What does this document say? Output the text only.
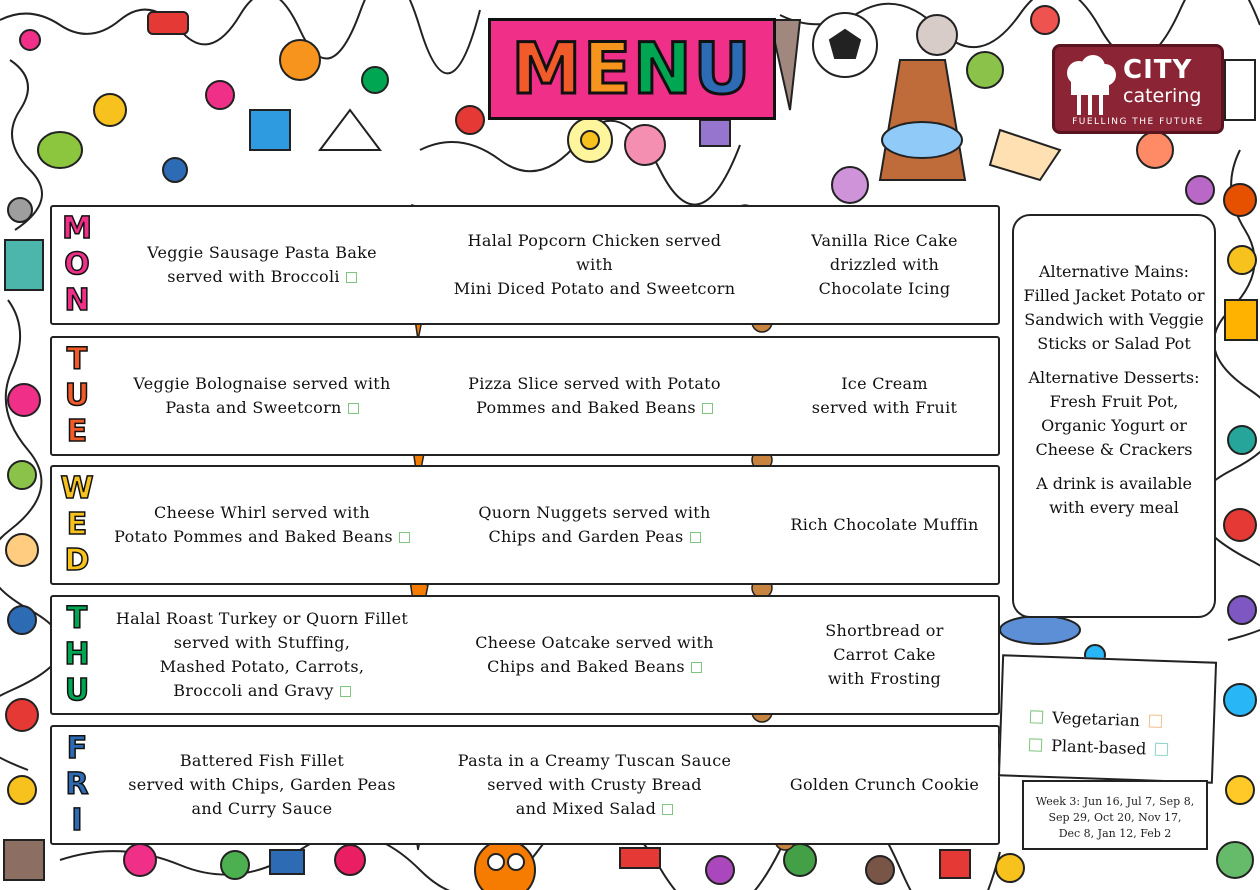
MENU	CITY
catering
FUELLING THE FUTURE
M
O
N
Veggie Sausage Pasta Bake
served with Broccoli
Halal Popcorn Chicken served with
Mini Diced Potato and Sweetcorn
Vanilla Rice Cake
drizzled with
Chocolate Icing
T
U
E
Veggie Bolognaise served with
Pasta and Sweetcorn
Pizza Slice served with Potato
Pommes and Baked Beans
Ice Cream
served with Fruit
W
E
D
Cheese Whirl served with
Potato Pommes and Baked Beans
Quorn Nuggets served with
Chips and Garden Peas
Rich Chocolate Muffin
T
H
U
Halal Roast Turkey or Quorn Fillet
served with Stuffing,
Mashed Potato, Carrots,
Broccoli and Gravy
Cheese Oatcake served with
Chips and Baked Beans
Shortbread or
Carrot Cake
with Frosting
F
R
I
Battered Fish Fillet
served with Chips, Garden Peas
and Curry Sauce
Pasta in a Creamy Tuscan Sauce
served with Crusty Bread
and Mixed Salad
Golden Crunch Cookie

Alternative Mains: Filled Jacket Potato or Sandwich with Veggie Sticks or Salad Pot

Alternative Desserts: Fresh Fruit Pot, Organic Yogurt or Cheese & Crackers

A drink is available with every meal

Vegetarian
Plant-based
Week 3: Jun 16, Jul 7, Sep 8,
Sep 29, Oct 20, Nov 17,
Dec 8, Jan 12, Feb 2
